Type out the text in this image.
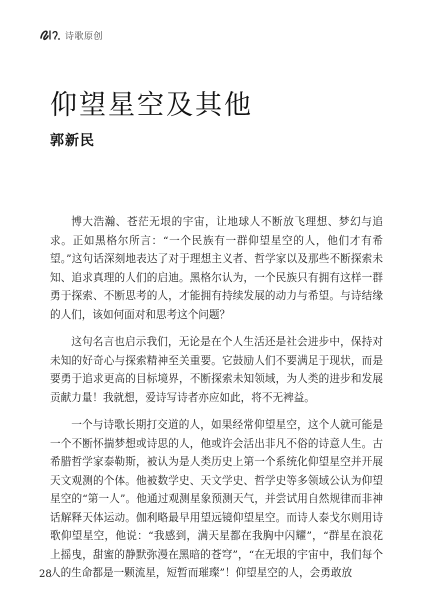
诗歌原创
仰望星空及其他

郭新民

博大浩瀚、苍茫无垠的宇宙，让地球人不断放飞理想、梦幻与追求。正如黑格尔所言：“一个民族有一群仰望星空的人，他们才有希望。”这句话深刻地表达了对于理想主义者、哲学家以及那些不断探索未知、追求真理的人们的启迪。黑格尔认为，一个民族只有拥有这样一群勇于探索、不断思考的人，才能拥有持续发展的动力与希望。与诗结缘的人们，该如何面对和思考这个问题？

这句名言也启示我们，无论是在个人生活还是社会进步中，保持对未知的好奇心与探索精神至关重要。它鼓励人们不要满足于现状，而是要勇于追求更高的目标境界，不断探索未知领域，为人类的进步和发展贡献力量！我就想，爱诗写诗者亦应如此，将不无裨益。

一个与诗歌长期打交道的人，如果经常仰望星空，这个人就可能是一个不断怀揣梦想或诗思的人，他或许会活出非凡不俗的诗意人生。古希腊哲学家泰勒斯，被认为是人类历史上第一个系统化仰望星空并开展天文观测的个体。他被数学史、天文学史、哲学史等多领域公认为仰望星空的“第一人”。他通过观测星象预测天气，并尝试用自然规律而非神话解释天体运动。伽利略最早用望远镜仰望星空。而诗人泰戈尔则用诗歌仰望星空，他说：“我感到，满天星都在我胸中闪耀”，“群星在浪花上摇曳，甜蜜的静默弥漫在黑暗的苍穹”，“在无垠的宇宙中，我们每个人的生命都是一颗流星，短暂而璀璨”！仰望星空的人，会勇敢放

28
